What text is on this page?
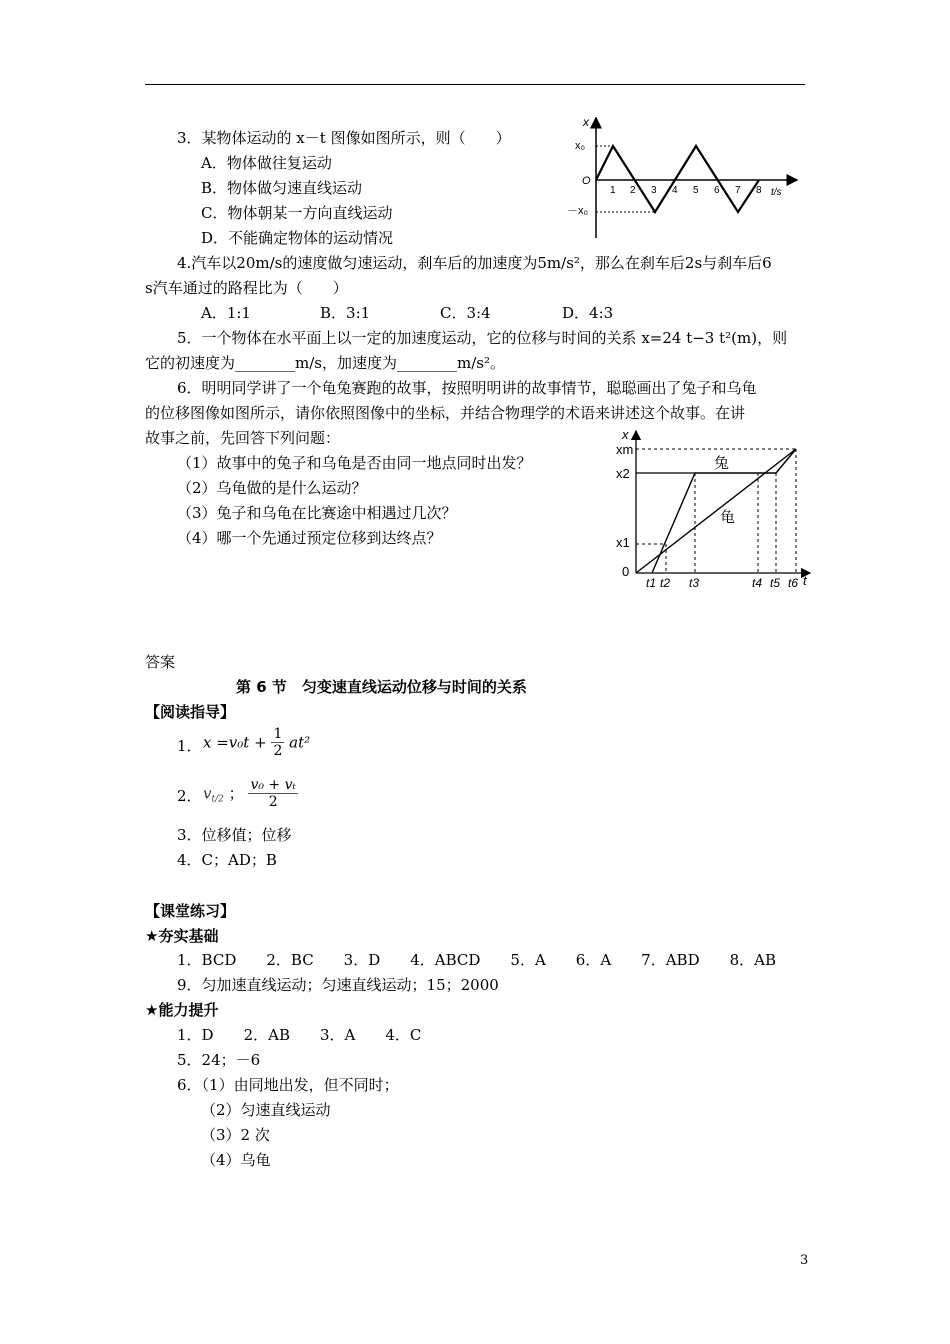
3．某物体运动的 x－t 图像如图所示，则（　　）
A．物体做往复运动
B．物体做匀速直线运动
C．物体朝某一方向直线运动
D．不能确定物体的运动情况
x
x₀
O
－x₀
1 2 3 4 5 6 7 8 t/s
4.汽车以20m/s的速度做匀速运动，刹车后的加速度为5m/s²，那么在刹车后2s与刹车后6
s汽车通过的路程比为（　　）
A．1:1	B．3:1	C．3:4	D．4:3
5．一个物体在水平面上以一定的加速度运动，它的位移与时间的关系 x=24 t−3 t²(m)，则
它的初速度为________m/s，加速度为________m/s²。
6．明明同学讲了一个龟兔赛跑的故事，按照明明讲的故事情节，聪聪画出了兔子和乌龟
的位移图像如图所示，请你依照图像中的坐标，并结合物理学的术语来讲述这个故事。在讲
故事之前，先回答下列问题：
（1）故事中的兔子和乌龟是否由同一地点同时出发？
（2）乌龟做的是什么运动？
（3）兔子和乌龟在比赛途中相遇过几次？
（4）哪一个先通过预定位移到达终点？
x
t
0
xm
x2
x1
兔
龟
t1 t2 t3	t4 t5 t6
答案
第 6 节　匀变速直线运动位移与时间的关系
【阅读指导】
1． $x =v_0t + \frac{1}{2} at^2$
2． $v_{t/2}$ ； $\frac{\text{v₀ + vₜ}}{2}$
3．位移值；位移
4．C；AD；B
【课堂练习】
★夯实基础
1．BCD　　2．BC　　3．D　　4．ABCD　　5．A　　6．A　　7．ABD　　8．AB
9．匀加速直线运动；匀速直线运动；15；2000
★能力提升
1．D　　2．AB　　3．A　　4．C
5．24；－6
6．（1）由同地出发，但不同时；
（2）匀速直线运动
（3）2 次
（4）乌龟
3
